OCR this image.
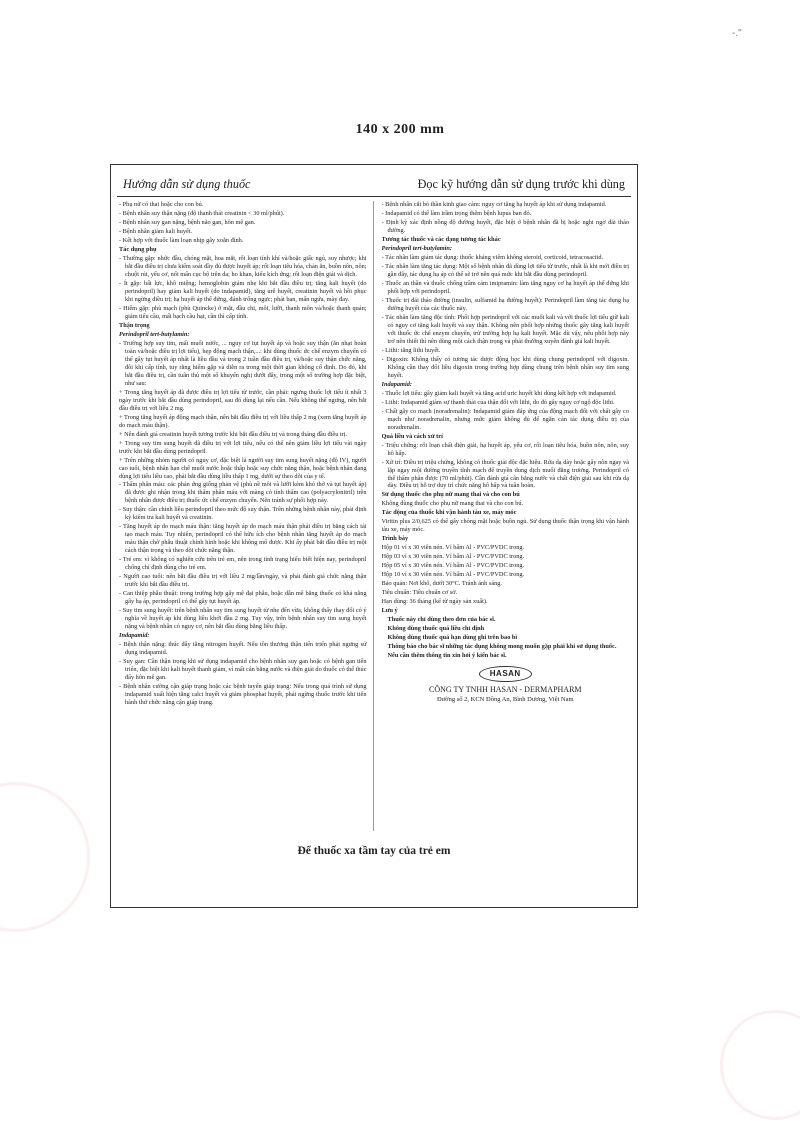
-."
140 x 200 mm
Hướng dẫn sử dụng thuốc	Đọc kỹ hướng dẫn sử dụng trước khi dùng

- Phụ nữ có thai hoặc cho con bú.

- Bệnh nhân suy thận nặng (độ thanh thải creatinin < 30 ml/phút).

- Bệnh nhân suy gan nặng, bệnh não gan, hôn mê gan.

- Bệnh nhân giảm kali huyết.

- Kết hợp với thuốc làm loạn nhịp gây xoắn đỉnh.

Tác dụng phụ

- Thường gặp: nhức đầu, chóng mặt, hoa mắt, rối loạn tính khí và/hoặc giấc ngủ, suy nhược; khi bắt đầu điều trị chưa kiểm soát đầy đủ được huyết áp; rối loạn tiêu hóa, chán ăn, buồn nôn, nôn; chuột rút, yếu cơ, nổi mẩn cục bộ trên da; ho khan, kiểu kích ứng; rối loạn điện giải và dịch.

- Ít gặp: bất lực, khô miệng; hemoglobin giảm nhẹ khi bắt đầu điều trị; tăng kali huyết (do perindopril) hay giảm kali huyết (do indapamid), tăng urê huyết, creatinin huyết và hồi phục khi ngừng điều trị; hạ huyết áp thế đứng, đánh trống ngực; phát ban, mẩn ngứa, mày đay.

- Hiếm gặp: phù mạch (phù Quincke) ở mặt, đầu chi, môi, lưỡi, thanh môn và/hoặc thanh quản; giảm tiểu cầu, mất bạch cầu hạt, cần thì cấp tính.

Thận trọng

Perindopril tert-butylamin:

- Trường hợp suy tim, mất muối nước, ... nguy cơ tụt huyết áp và hoặc suy thận (ăn nhạt hoàn toàn và/hoặc điều trị lợi tiểu), hẹp động mạch thận,...: khi dùng thuốc ức chế enzym chuyển có thể gây tụt huyết áp nhất là liều đầu và trong 2 tuần đầu điều trị, và/hoặc suy thận chức năng, đôi khi cấp tính, tuy rằng hiếm gặp và diễn ra trong một thời gian không cố định. Do đó, khi bắt đầu điều trị, cần tuân thủ một số khuyến nghị dưới đây, trong một số trường hợp đặc biệt, như sau:

+ Trong tăng huyết áp đã được điều trị lợi tiểu từ trước, cần phải: ngưng thuốc lợi tiểu ít nhất 3 ngày trước khi bắt đầu dùng perindopril, sau đó dùng lại nếu cần. Nếu không thể ngưng, nên bắt đầu điều trị với liều 2 mg.

+ Trong tăng huyết áp động mạch thận, nên bắt đầu điều trị với liều thấp 2 mg (xem tăng huyết áp do mạch máu thận).

+ Nên đánh giá creatinin huyết tương trước khi bắt đầu điều trị và trong tháng đầu điều trị.

+ Trong suy tim sung huyết đã điều trị với lợi tiểu, nếu có thể nên giảm liều lợi tiểu vài ngày trước khi bắt đầu dùng perindopril.

+ Trên những nhóm người có nguy cơ, đặc biệt là người suy tim sung huyết nặng (độ IV), người cao tuổi, bệnh nhân hạn chế muối nước hoặc thấp hoặc suy chức năng thận, hoặc bệnh nhân đang dùng lợi tiểu liều cao, phải bắt đầu dùng liều thấp 1 mg, dưới sự theo dõi của y tế.

- Thẩm phân máu: các phản ứng giống phản vệ (phù nề môi và lưỡi kèm khó thở và tụt huyết áp) đã được ghi nhận trong khi thẩm phân máu với màng có tính thẩm cao (polyacrylonitril) trên bệnh nhân được điều trị thuốc ức chế enzym chuyển. Nên tránh sự phối hợp này.

- Suy thận: cần chỉnh liều perindopril theo mức độ suy thận. Trên những bệnh nhân này, phải định kỳ kiểm tra kali huyết và creatinin.

- Tăng huyết áp do mạch máu thận: tăng huyết áp do mạch máu thận phải điều trị bằng cách tái tạo mạch máu. Tuy nhiên, perindopril có thể hữu ích cho bệnh nhân tăng huyết áp do mạch máu thận chờ phẫu thuật chỉnh hình hoặc khi không mổ được. Khi ấy phải bắt đầu điều trị một cách thận trọng và theo dõi chức năng thận.

- Trẻ em: vì không có nghiên cứu trên trẻ em, nên trong tình trạng hiểu biết hiện nay, perindopril chống chỉ định dùng cho trẻ em.

- Người cao tuổi: nên bắt đầu điều trị với liều 2 mg/lần/ngày, và phải đánh giá chức năng thận trước khi bắt đầu điều trị.

- Can thiệp phẫu thuật: trong trường hợp gây mê đại phẫu, hoặc dẫn mê bằng thuốc có khả năng gây hạ áp, perindopril có thể gây tụt huyết áp.

- Suy tim sung huyết: trên bệnh nhân suy tim sung huyết từ nhẹ đến vừa, không thấy thay đổi có ý nghĩa về huyết áp khi dùng liều khởi đầu 2 mg. Tuy vậy, trên bệnh nhân suy tim sung huyết nặng và bệnh nhân có nguy cơ, nên bắt đầu dùng bằng liều thấp.

Indapamid:

- Bệnh thận nặng: thúc đẩy tăng nitrogen huyết. Nếu tồn thương thận tiến triển phải ngưng sử dụng indapamid.

- Suy gan: Cần thận trọng khi sử dụng indapamid cho bệnh nhân suy gan hoặc có bệnh gan tiến triển, đặc biệt khi kali huyết thanh giảm, vì mất cân bằng nước và điện giải do thuốc có thể thúc đẩy hôn mê gan.

- Bệnh nhân cường cận giáp trạng hoặc các bệnh tuyến giáp trạng: Nếu trong quá trình sử dụng indapamid xuất hiện tăng calci huyết và giảm phosphat huyết, phải ngừng thuốc trước khi tiến hành thử chức năng cận giáp trạng.

- Bệnh nhân cắt bỏ thần kinh giao cảm: nguy cơ tăng hạ huyết áp khi sử dụng indapamid.

- Indapamid có thể làm trầm trọng thêm bệnh lupus ban đỏ.

- Định kỳ xác định nồng độ đường huyết, đặc biệt ở bệnh nhân đã bị hoặc nghi ngờ đái tháo đường.

Tương tác thuốc và các dạng tương tác khác

Perindopril tert-butylamin:

- Tác nhân làm giảm tác dụng: thuốc kháng viêm không steroid, corticoid, tetracosactid.

- Tác nhân làm tăng tác dụng: Một số bệnh nhân đã dùng lợi tiểu từ trước, nhất là khi mới điều trị gần đây, tác dụng hạ áp có thể sẽ trở nên quá mức khi bắt đầu dùng perindopril.

- Thuốc an thần và thuốc chống trầm cảm imipramin: làm tăng nguy cơ hạ huyết áp thế đứng khi phối hợp với perindopril.

- Thuốc trị đái tháo đường (insulin, sulfamid hạ đường huyết): Perindopril làm tăng tác dụng hạ đường huyết của các thuốc này.

- Tác nhân làm tăng độc tính: Phối hợp perindopril với các muối kali và với thuốc lợi tiểu giữ kali có nguy cơ tăng kali huyết và suy thận. Không nên phối hợp những thuốc gây tăng kali huyết với thuốc ức chế enzym chuyển, trừ trường hợp hạ kali huyết. Mặc dù vậy, nếu phối hợp này trở nên thiết thì nên dùng một cách thận trọng và phải thường xuyên đánh giá kali huyết.

- Lithi: tăng lithi huyết.

- Digoxin: Không thấy có tương tác dược động học khi dùng chung perindopril với digoxin. Không cần thay đổi liều digoxin trong trường hợp dùng chung trên bệnh nhân suy tim sung huyết.

Indapamid:

- Thuốc lợi tiểu: gây giảm kali huyết và tăng acid uric huyết khi dùng kết hợp với indapamid.

- Lithi: Indapamid giảm sự thanh thải của thận đối với lithi, do đó gây nguy cơ ngộ độc lithi.

- Chất gây co mạch (noradrenalin): Indapamid giảm đáp ứng của động mạch đối với chất gây co mạch như noradrenalin, nhưng mức giảm không đủ để ngăn cản tác dụng điều trị của noradrenalin.

Quá liều và cách xử trí

- Triệu chứng: rối loạn chất điện giải, hạ huyết áp, yếu cơ, rối loạn tiêu hóa, buồn nôn, nôn, suy hô hấp.

- Xử trí: Điều trị triệu chứng, không có thuốc giải độc đặc hiệu. Rửa dạ dày hoặc gây nôn ngay và lặp ngay một đường truyền tĩnh mạch để truyền dung dịch muối đẳng trương. Perindopril có thể thẩm phân được (70 ml/phút). Cần đánh giá cân bằng nước và chất điện giải sau khi rửa dạ dày. Điều trị hỗ trợ duy trì chức năng hô hấp và tuần hoàn.

Sử dụng thuốc cho phụ nữ mang thai và cho con bú

Không dùng thuốc cho phụ nữ mang thai và cho con bú.

Tác động của thuốc khi vận hành tàu xe, máy móc

Viritin plus 2/0,625 có thể gây chóng mặt hoặc buồn ngủ. Sử dụng thuốc thận trọng khi vận hành tàu xe, máy móc.

Trình bày

Hộp 01 vỉ x 30 viên nén. Vỉ bấm Al - PVC/PVDC trong.

Hộp 03 vỉ x 30 viên nén. Vỉ bấm Al - PVC/PVDC trong.

Hộp 05 vỉ x 30 viên nén. Vỉ bấm Al - PVC/PVDC trong.

Hộp 10 vỉ x 30 viên nén. Vỉ bấm Al - PVC/PVDC trong.

Bảo quản: Nơi khô, dưới 30°C. Tránh ánh sáng.

Tiêu chuẩn: Tiêu chuẩn cơ sở.

Hạn dùng: 36 tháng (kể từ ngày sản xuất).

Lưu ý

Thuốc này chỉ dùng theo đơn của bác sĩ.

Không dùng thuốc quá liều chỉ định

Không dùng thuốc quá hạn dùng ghi trên bao bì

Thông báo cho bác sĩ những tác dụng không mong muốn gặp phải khi sử dụng thuốc.

Nếu cần thêm thông tin xin hỏi ý kiến bác sĩ.

HASAN
CÔNG TY TNHH HASAN - DERMAPHARM
Đường số 2, KCN Đồng An, Bình Dương, Việt Nam
Để thuốc xa tầm tay của trẻ em
